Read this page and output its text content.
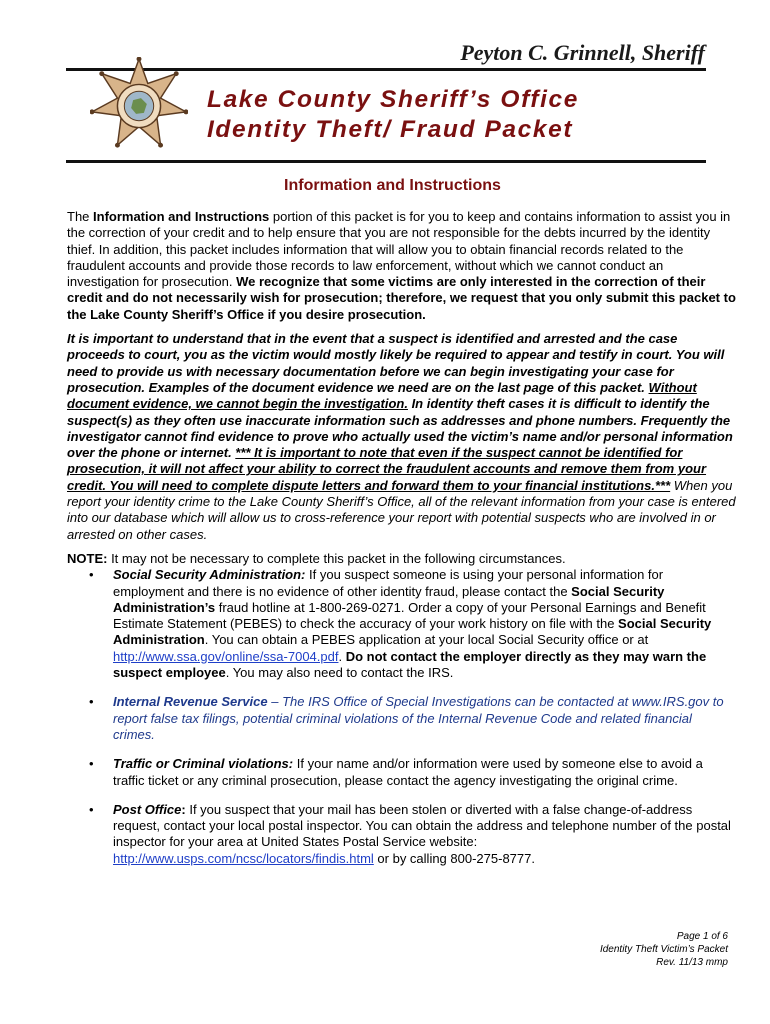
Peyton C. Grinnell, Sheriff
Lake County Sheriff’s Office
Identity Theft/ Fraud Packet
Information and Instructions

The Information and Instructions portion of this packet is for you to keep and contains information to assist you in the correction of your credit and to help ensure that you are not responsible for the debts incurred by the identity thief. In addition, this packet includes information that will allow you to obtain financial records related to the fraudulent accounts and provide those records to law enforcement, without which we cannot conduct an investigation for prosecution. We recognize that some victims are only interested in the correction of their credit and do not necessarily wish for prosecution; therefore, we request that you only submit this packet to the Lake County Sheriff’s Office if you desire prosecution.

It is important to understand that in the event that a suspect is identified and arrested and the case proceeds to court, you as the victim would mostly likely be required to appear and testify in court. You will need to provide us with necessary documentation before we can begin investigating your case for prosecution. Examples of the document evidence we need are on the last page of this packet. Without document evidence, we cannot begin the investigation. In identity theft cases it is difficult to identify the suspect(s) as they often use inaccurate information such as addresses and phone numbers. Frequently the investigator cannot find evidence to prove who actually used the victim’s name and/or personal information over the phone or internet. *** It is important to note that even if the suspect cannot be identified for prosecution, it will not affect your ability to correct the fraudulent accounts and remove them from your credit. You will need to complete dispute letters and forward them to your financial institutions.*** When you report your identity crime to the Lake County Sheriff’s Office, all of the relevant information from your case is entered into our database which will allow us to cross-reference your report with potential suspects who are involved in or arrested on other cases.

NOTE: It may not be necessary to complete this packet in the following circumstances.

• Social Security Administration: If you suspect someone is using your personal information for employment and there is no evidence of other identity fraud, please contact the Social Security Administration’s fraud hotline at 1-800-269-0271. Order a copy of your Personal Earnings and Benefit Estimate Statement (PEBES) to check the accuracy of your work history on file with the Social Security Administration. You can obtain a PEBES application at your local Social Security office or at http://www.ssa.gov/online/ssa-7004.pdf. Do not contact the employer directly as they may warn the suspect employee. You may also need to contact the IRS.
• Internal Revenue Service – The IRS Office of Special Investigations can be contacted at www.IRS.gov to report false tax filings, potential criminal violations of the Internal Revenue Code and related financial crimes.
• Traffic or Criminal violations: If your name and/or information were used by someone else to avoid a traffic ticket or any criminal prosecution, please contact the agency investigating the original crime.
• Post Office: If you suspect that your mail has been stolen or diverted with a false change-of-address request, contact your local postal inspector. You can obtain the address and telephone number of the postal inspector for your area at United States Postal Service website: http://www.usps.com/ncsc/locators/findis.html or by calling 800-275-8777.
Page 1 of 6
Identity Theft Victim’s Packet
Rev. 11/13 mmp
